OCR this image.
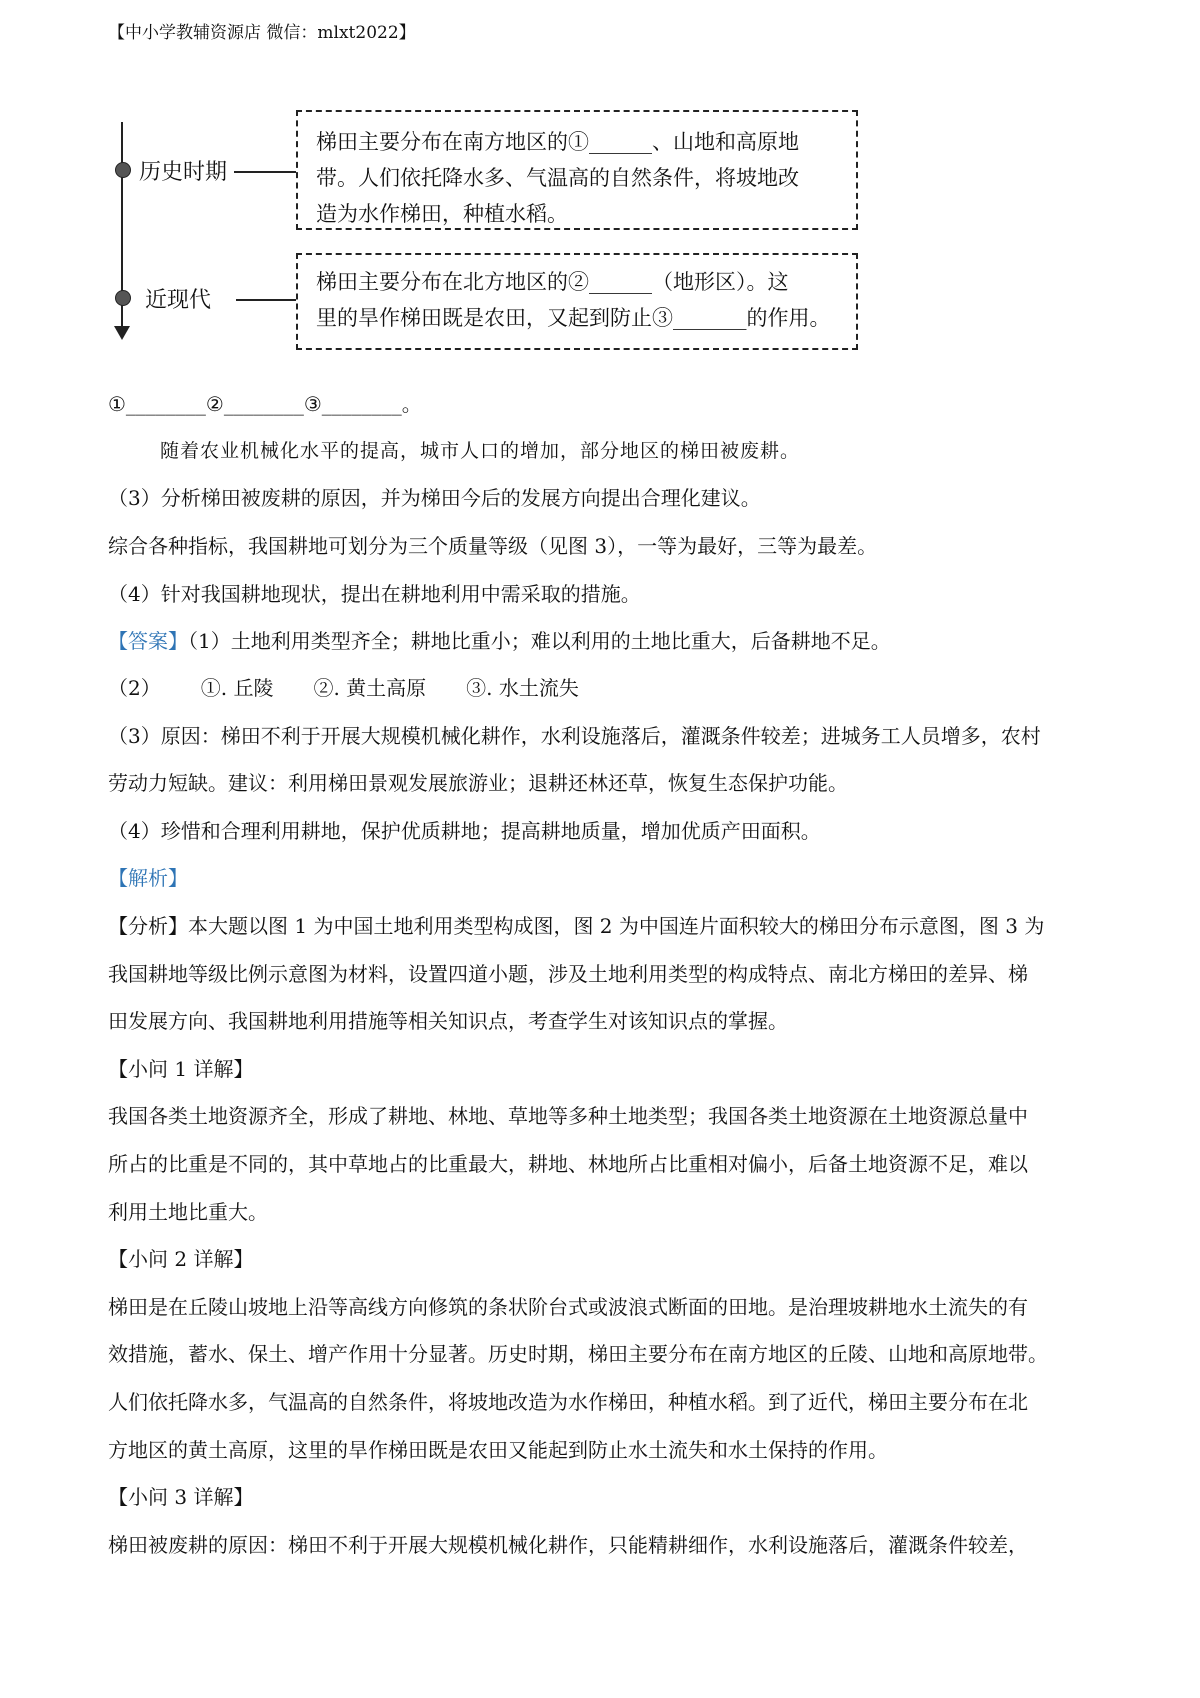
【中小学教辅资源店 微信：mlxt2022】
历史时期
近现代

梯田主要分布在南方地区的①______、山地和高原地

带。人们依托降水多、气温高的自然条件，将坡地改

造为水作梯田，种植水稻。

梯田主要分布在北方地区的②______（地形区）。这

里的旱作梯田既是农田，又起到防止③_______的作用。

①________②________③________。
随着农业机械化水平的提高，城市人口的增加，部分地区的梯田被废耕。
（3）分析梯田被废耕的原因，并为梯田今后的发展方向提出合理化建议。
综合各种指标，我国耕地可划分为三个质量等级（见图 3），一等为最好，三等为最差。
（4）针对我国耕地现状，提出在耕地利用中需采取的措施。
【答案】（1）土地利用类型齐全；耕地比重小；难以利用的土地比重大，后备耕地不足。
（2） ①. 丘陵 ②. 黄土高原 ③. 水土流失
（3）原因：梯田不利于开展大规模机械化耕作，水利设施落后，灌溉条件较差；进城务工人员增多，农村
劳动力短缺。建议：利用梯田景观发展旅游业；退耕还林还草，恢复生态保护功能。
（4）珍惜和合理利用耕地，保护优质耕地；提高耕地质量，增加优质产田面积。
【解析】
【分析】本大题以图 1 为中国土地利用类型构成图，图 2 为中国连片面积较大的梯田分布示意图，图 3 为
我国耕地等级比例示意图为材料，设置四道小题，涉及土地利用类型的构成特点、南北方梯田的差异、梯
田发展方向、我国耕地利用措施等相关知识点，考查学生对该知识点的掌握。
【小问 1 详解】
我国各类土地资源齐全，形成了耕地、林地、草地等多种土地类型；我国各类土地资源在土地资源总量中
所占的比重是不同的，其中草地占的比重最大，耕地、林地所占比重相对偏小，后备土地资源不足，难以
利用土地比重大。
【小问 2 详解】
梯田是在丘陵山坡地上沿等高线方向修筑的条状阶台式或波浪式断面的田地。是治理坡耕地水土流失的有
效措施，蓄水、保土、增产作用十分显著。历史时期，梯田主要分布在南方地区的丘陵、山地和高原地带。
人们依托降水多，气温高的自然条件，将坡地改造为水作梯田，种植水稻。到了近代，梯田主要分布在北
方地区的黄土高原，这里的旱作梯田既是农田又能起到防止水土流失和水土保持的作用。
【小问 3 详解】
梯田被废耕的原因：梯田不利于开展大规模机械化耕作，只能精耕细作，水利设施落后，灌溉条件较差，
